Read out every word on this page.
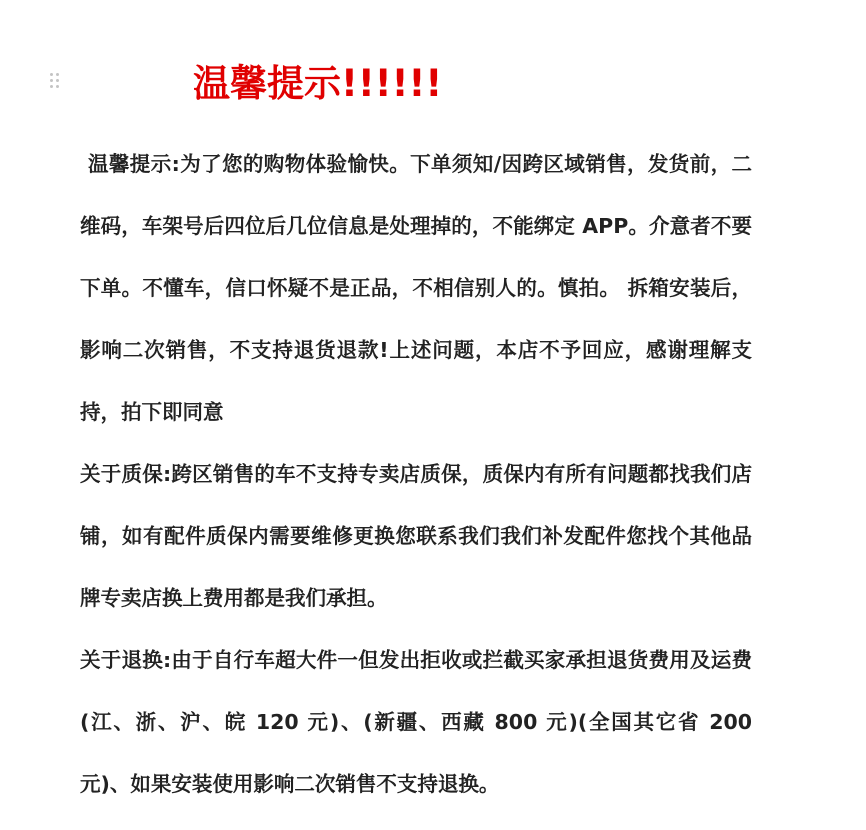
温馨提示!!!!!!

温馨提示:为了您的购物体验愉快。下单须知/因跨区域销售，发货前，二维码，车架号后四位后几位信息是处理掉的，不能绑定 APP。介意者不要下单。不懂车，信口怀疑不是正品，不相信别人的。慎拍。 拆箱安装后，影响二次销售，不支持退货退款!上述问题，本店不予回应，感谢理解支持，拍下即同意

关于质保:跨区销售的车不支持专卖店质保，质保内有所有问题都找我们店铺，如有配件质保内需要维修更换您联系我们我们补发配件您找个其他品牌专卖店换上费用都是我们承担。

关于退换:由于自行车超大件一但发出拒收或拦截买家承担退货费用及运费(江、浙、沪、皖 120 元)、(新疆、西藏 800 元)(全国其它省 200 元)、如果安装使用影响二次销售不支持退换。
